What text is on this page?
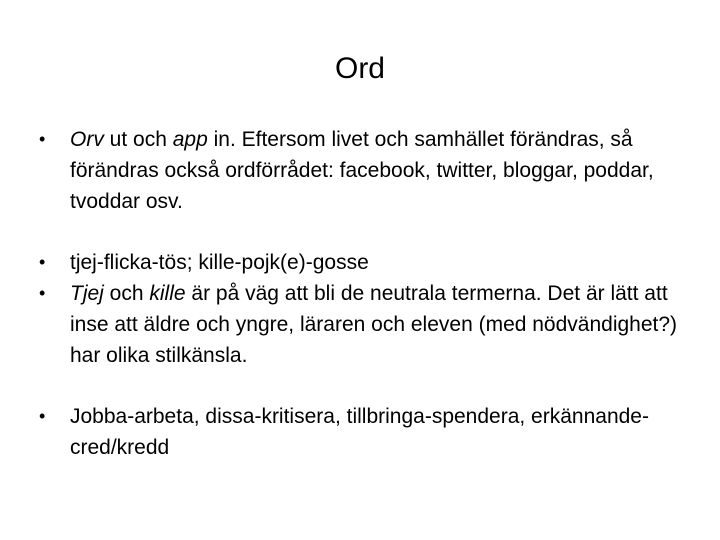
Ord
• Orv ut och app in. Eftersom livet och samhället förändras, så förändras också ordförrådet: facebook, twitter, bloggar, poddar, tvoddar osv.
• tjej-flicka-tös; kille-pojk(e)-gosse
• Tjej och kille är på väg att bli de neutrala termerna. Det är lätt att inse att äldre och yngre, läraren och eleven (med nödvändighet?) har olika stilkänsla.
• Jobba-arbeta, dissa-kritisera, tillbringa-spendera, erkännande-cred/kredd
